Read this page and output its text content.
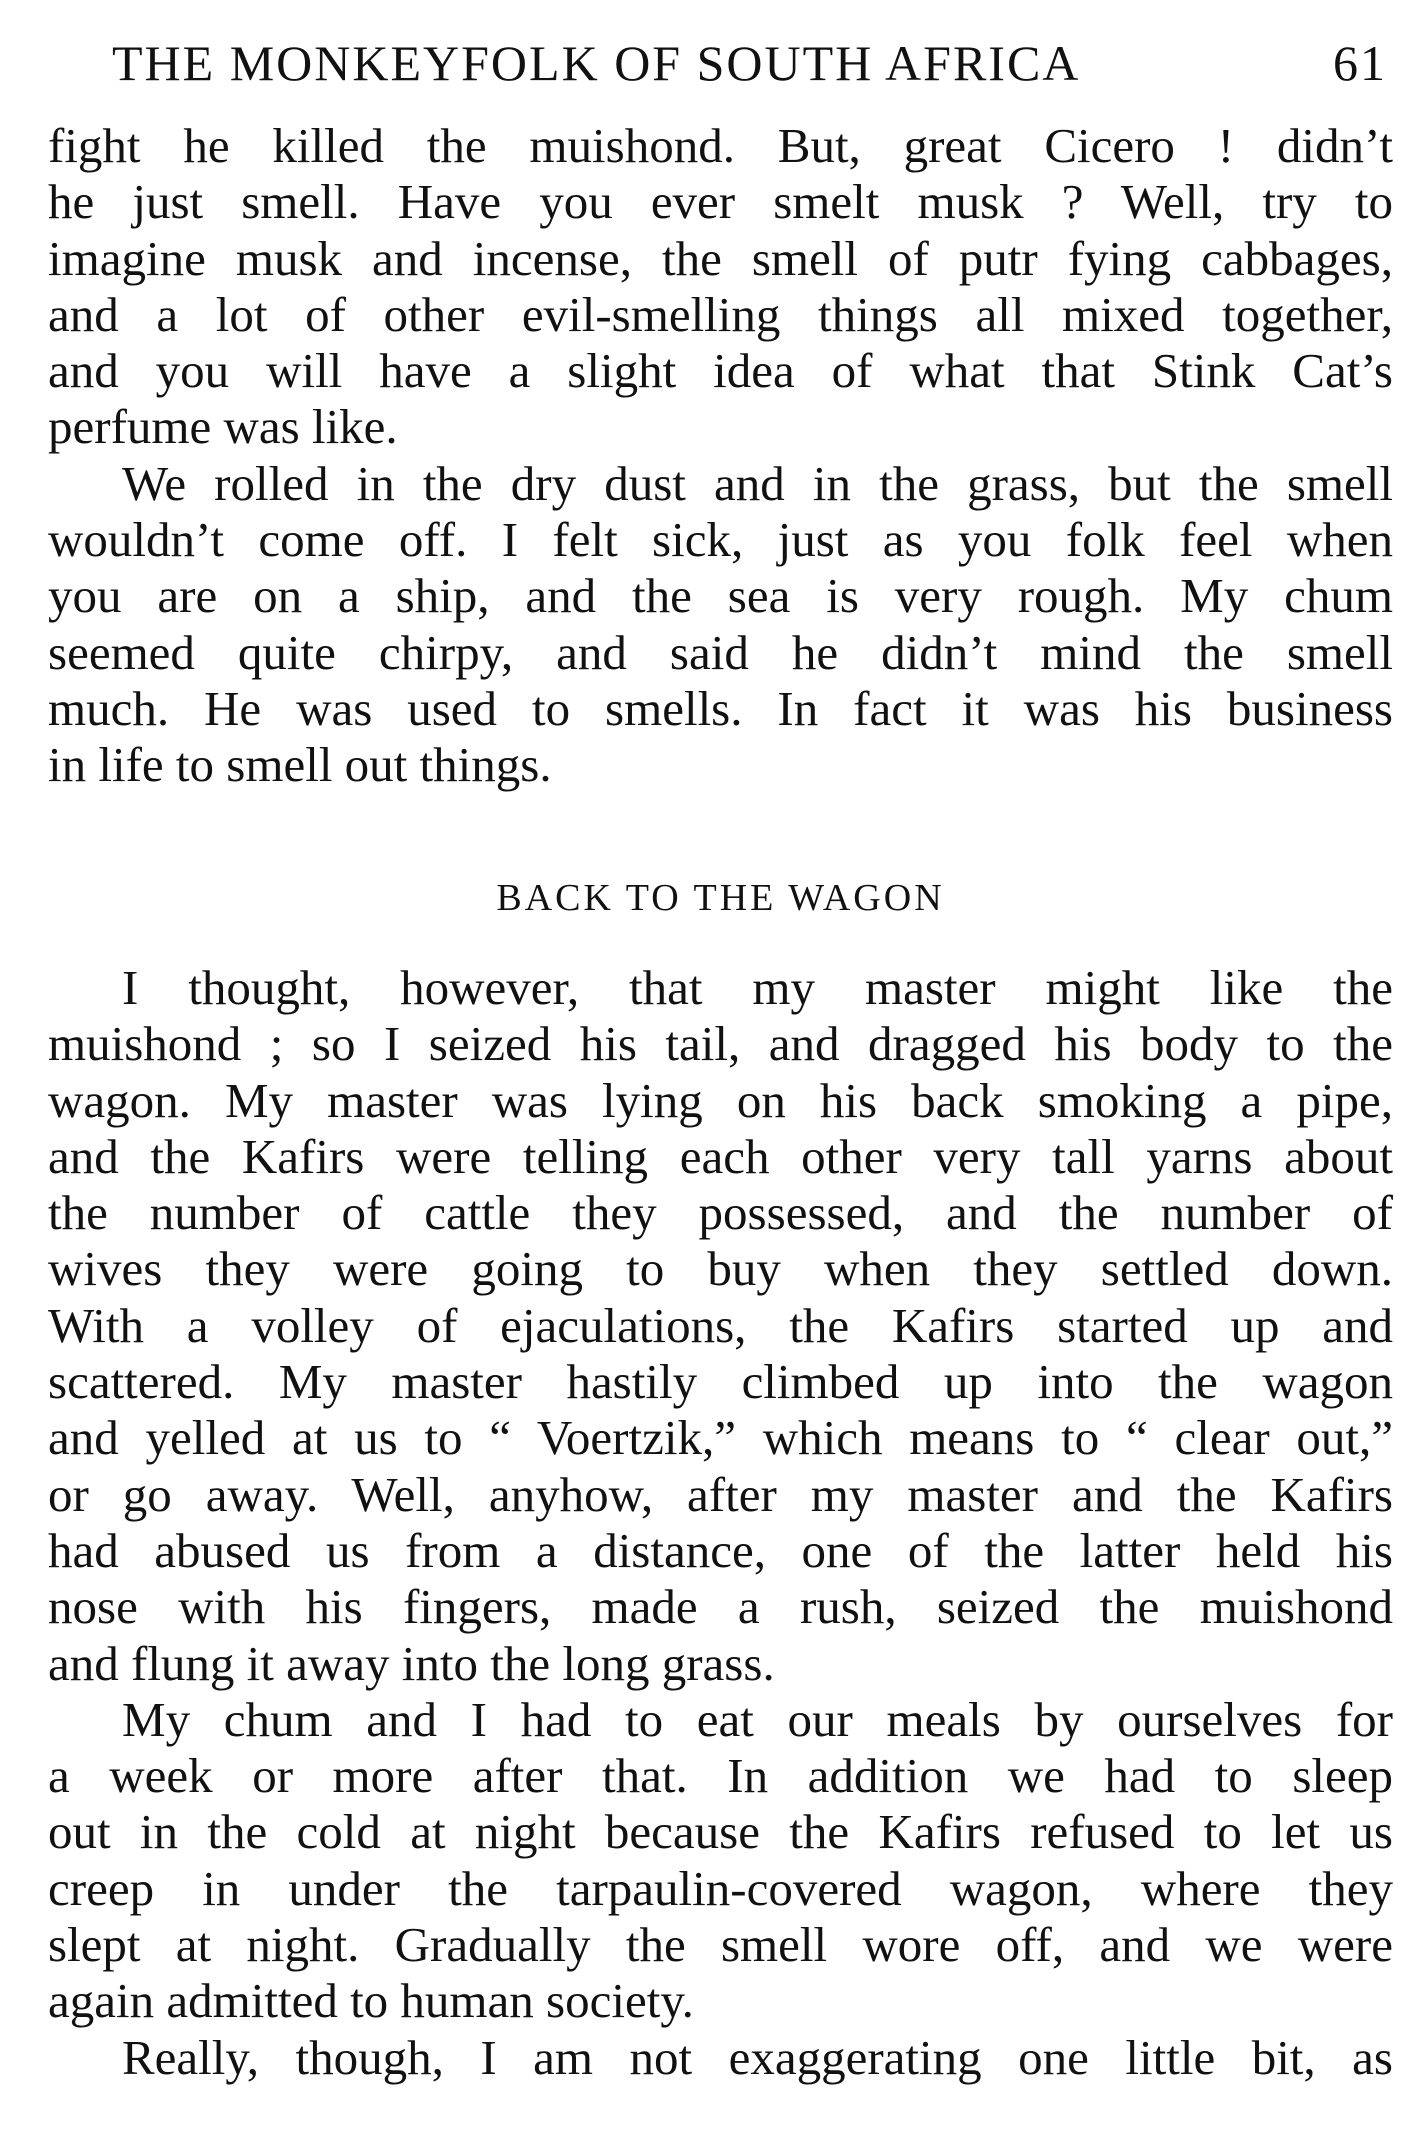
THE MONKEYFOLK OF SOUTH AFRICA	61
fight he killed the muishond. But, great Cicero ! didn’t
he just smell. Have you ever smelt musk ? Well, try to
imagine musk and incense, the smell of putr fying cabbages,
and a lot of other evil-smelling things all mixed together,
and you will have a slight idea of what that Stink Cat’s
perfume was like.
We rolled in the dry dust and in the grass, but the smell
wouldn’t come off. I felt sick, just as you folk feel when
you are on a ship, and the sea is very rough. My chum
seemed quite chirpy, and said he didn’t mind the smell
much. He was used to smells. In fact it was his business
in life to smell out things.
BACK TO THE WAGON
I thought, however, that my master might like the
muishond ; so I seized his tail, and dragged his body to the
wagon. My master was lying on his back smoking a pipe,
and the Kafirs were telling each other very tall yarns about
the number of cattle they possessed, and the number of
wives they were going to buy when they settled down.
With a volley of ejaculations, the Kafirs started up and
scattered. My master hastily climbed up into the wagon
and yelled at us to “ Voertzik,” which means to “ clear out,”
or go away. Well, anyhow, after my master and the Kafirs
had abused us from a distance, one of the latter held his
nose with his fingers, made a rush, seized the muishond
and flung it away into the long grass.
My chum and I had to eat our meals by ourselves for
a week or more after that. In addition we had to sleep
out in the cold at night because the Kafirs refused to let us
creep in under the tarpaulin-covered wagon, where they
slept at night. Gradually the smell wore off, and we were
again admitted to human society.
Really, though, I am not exaggerating one little bit, as
